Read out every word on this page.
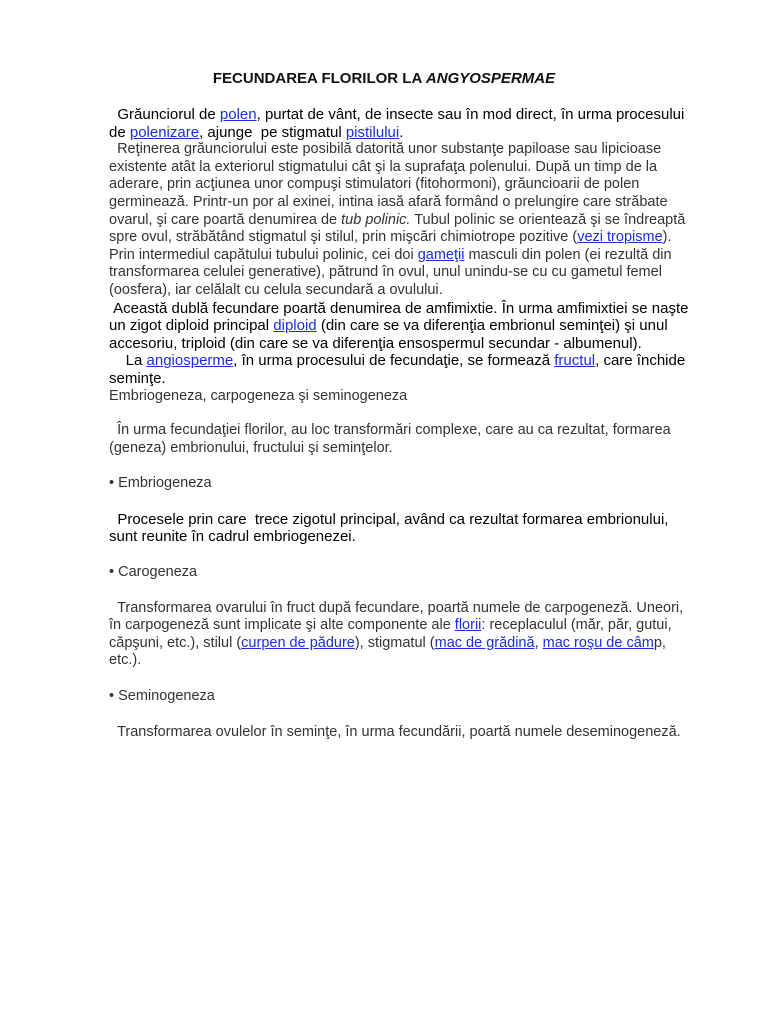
FECUNDAREA FLORILOR LA ANGYOSPERMAE

Grăunciorul de polen, purtat de vânt, de insecte sau în mod direct, în urma procesului de polenizare, ajunge  pe stigmatul pistilului.

Reţinerea grăunciorului este posibilă datorită unor substanţe papiloase sau lipicioase existente atât la exteriorul stigmatului cât şi la suprafaţa polenului. După un timp de la aderare, prin acţiunea unor compuşi stimulatori (fitohormoni), grăuncioarii de polen germinează. Printr-un por al exinei, intina iasă afară formând o prelungire care străbate ovarul, şi care poartă denumirea de tub polinic. Tubul polinic se orientează şi se îndreaptă spre ovul, străbătând stigmatul şi stilul, prin mişcări chimiotrope pozitive (vezi tropisme). Prin intermediul capătului tubului polinic, cei doi gameţii masculi din polen (ei rezultă din transformarea celulei generative), pătrund în ovul, unul unindu-se cu cu gametul femel (oosfera), iar celălalt cu celula secundară a ovulului.

Această dublă fecundare poartă denumirea de amfimixtie. În urma amfimixtiei se naşte un zigot diploid principal diploid (din care se va diferenţia embrionul seminţei) şi unul accesoriu, triploid (din care se va diferenţia ensospermul secundar - albumenul).

La angiosperme, în urma procesului de fecundaţie, se formează fructul, care închide seminţe.

Embriogeneza, carpogeneza şi seminogeneza

În urma fecundaţiei florilor, au loc transformări complexe, care au ca rezultat, formarea (geneza) embrionului, fructului şi seminţelor.

• Embriogeneza

Procesele prin care  trece zigotul principal, având ca rezultat formarea embrionului, sunt reunite în cadrul embriogenezei.

• Carogeneza

Transformarea ovarului în fruct după fecundare, poartă numele de carpogeneză. Uneori, în carpogeneză sunt implicate şi alte componente ale florii: receplaculul (măr, păr, gutui, căpşuni, etc.), stilul (curpen de pădure), stigmatul (mac de grădină, mac roşu de câmp, etc.).

• Seminogeneza

Transformarea ovulelor în seminţe, în urma fecundării, poartă numele deseminogeneză.
